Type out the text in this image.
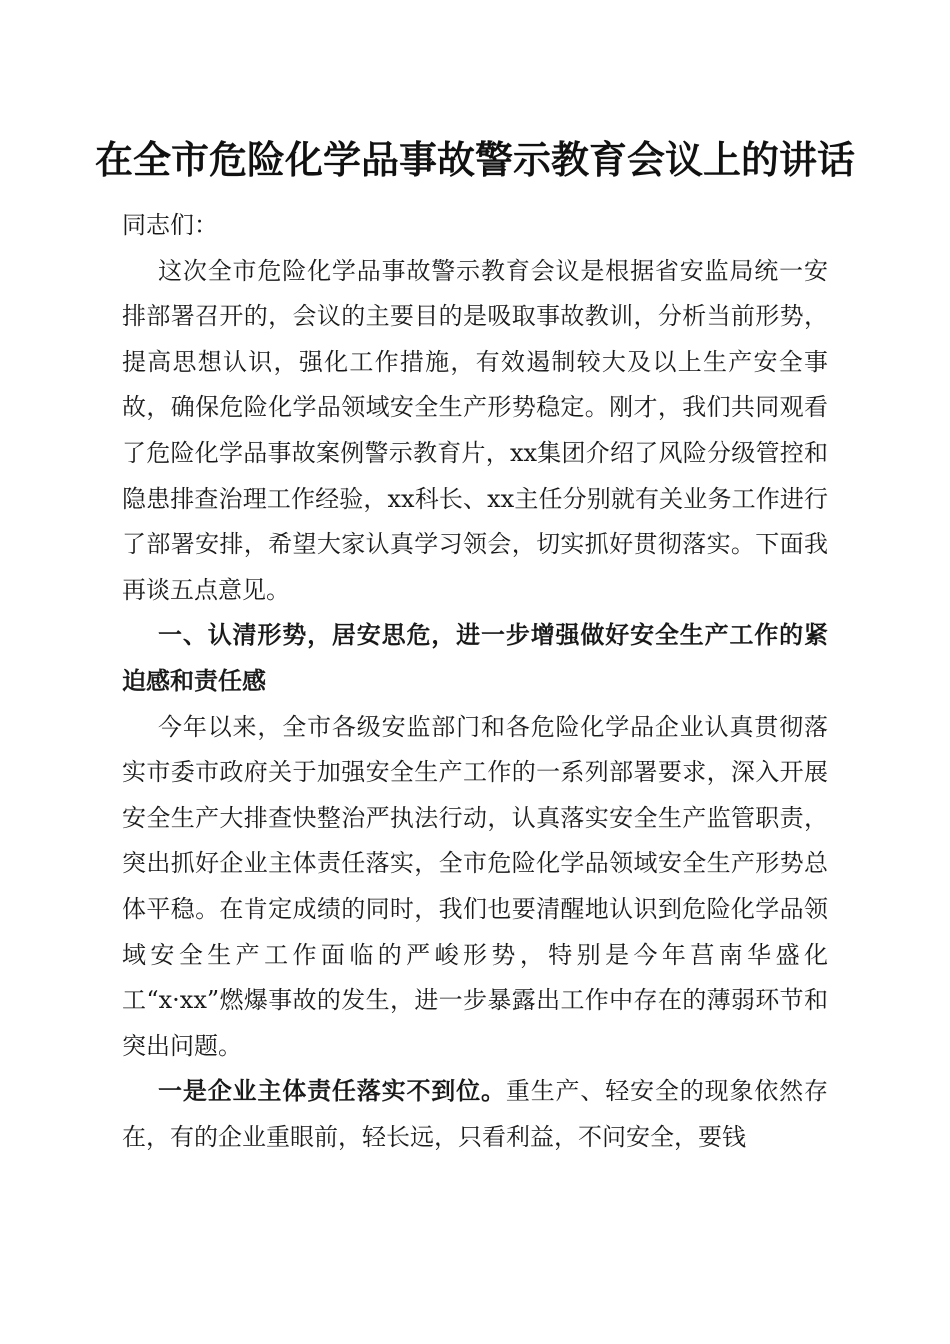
在全市危险化学品事故警示教育会议上的讲话

同志们：

这次全市危险化学品事故警示教育会议是根据省安监局统一安排部署召开的，会议的主要目的是吸取事故教训，分析当前形势，提高思想认识，强化工作措施，有效遏制较大及以上生产安全事故，确保危险化学品领域安全生产形势稳定。刚才，我们共同观看了危险化学品事故案例警示教育片，xx集团介绍了风险分级管控和隐患排查治理工作经验，xx科长、xx主任分别就有关业务工作进行了部署安排，希望大家认真学习领会，切实抓好贯彻落实。下面我再谈五点意见。

一、认清形势，居安思危，进一步增强做好安全生产工作的紧迫感和责任感

今年以来，全市各级安监部门和各危险化学品企业认真贯彻落实市委市政府关于加强安全生产工作的一系列部署要求，深入开展安全生产大排查快整治严执法行动，认真落实安全生产监管职责，突出抓好企业主体责任落实，全市危险化学品领域安全生产形势总体平稳。在肯定成绩的同时，我们也要清醒地认识到危险化学品领域安全生产工作面临的严峻形势，特别是今年莒南华盛化工“x·xx”燃爆事故的发生，进一步暴露出工作中存在的薄弱环节和突出问题。

一是企业主体责任落实不到位。重生产、轻安全的现象依然存在，有的企业重眼前，轻长远，只看利益，不问安全，要钱
